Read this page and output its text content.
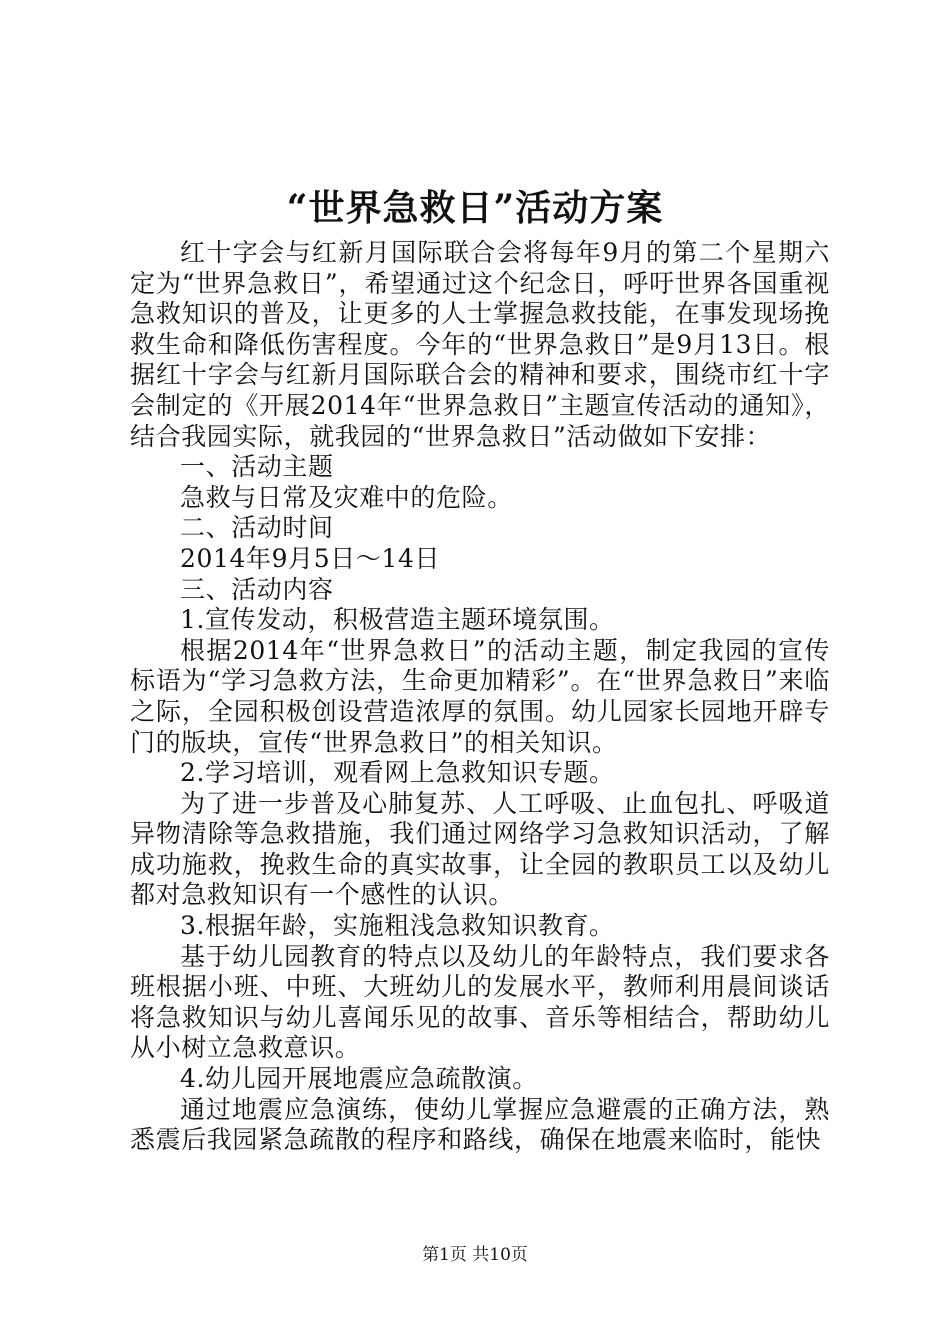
“世界急救日”活动方案

红十字会与红新月国际联合会将每年9月的第二个星期六定为“世界急救日”，希望通过这个纪念日，呼吁世界各国重视急救知识的普及，让更多的人士掌握急救技能，在事发现场挽救生命和降低伤害程度。今年的“世界急救日”是9月13日。根据红十字会与红新月国际联合会的精神和要求，围绕市红十字会制定的《开展2014年“世界急救日”主题宣传活动的通知》，结合我园实际，就我园的“世界急救日”活动做如下安排：

一、活动主题

急救与日常及灾难中的危险。

二、活动时间

2014年9月5日～14日

三、活动内容

1.宣传发动，积极营造主题环境氛围。

根据2014年“世界急救日”的活动主题，制定我园的宣传标语为“学习急救方法，生命更加精彩”。在“世界急救日”来临之际，全园积极创设营造浓厚的氛围。幼儿园家长园地开辟专门的版块，宣传“世界急救日”的相关知识。

2.学习培训，观看网上急救知识专题。

为了进一步普及心肺复苏、人工呼吸、止血包扎、呼吸道异物清除等急救措施，我们通过网络学习急救知识活动，了解成功施救，挽救生命的真实故事，让全园的教职员工以及幼儿都对急救知识有一个感性的认识。

3.根据年龄，实施粗浅急救知识教育。

基于幼儿园教育的特点以及幼儿的年龄特点，我们要求各班根据小班、中班、大班幼儿的发展水平，教师利用晨间谈话将急救知识与幼儿喜闻乐见的故事、音乐等相结合，帮助幼儿从小树立急救意识。

4.幼儿园开展地震应急疏散演。

通过地震应急演练，使幼儿掌握应急避震的正确方法，熟悉震后我园紧急疏散的程序和路线，确保在地震来临时，能快

第1页 共10页
